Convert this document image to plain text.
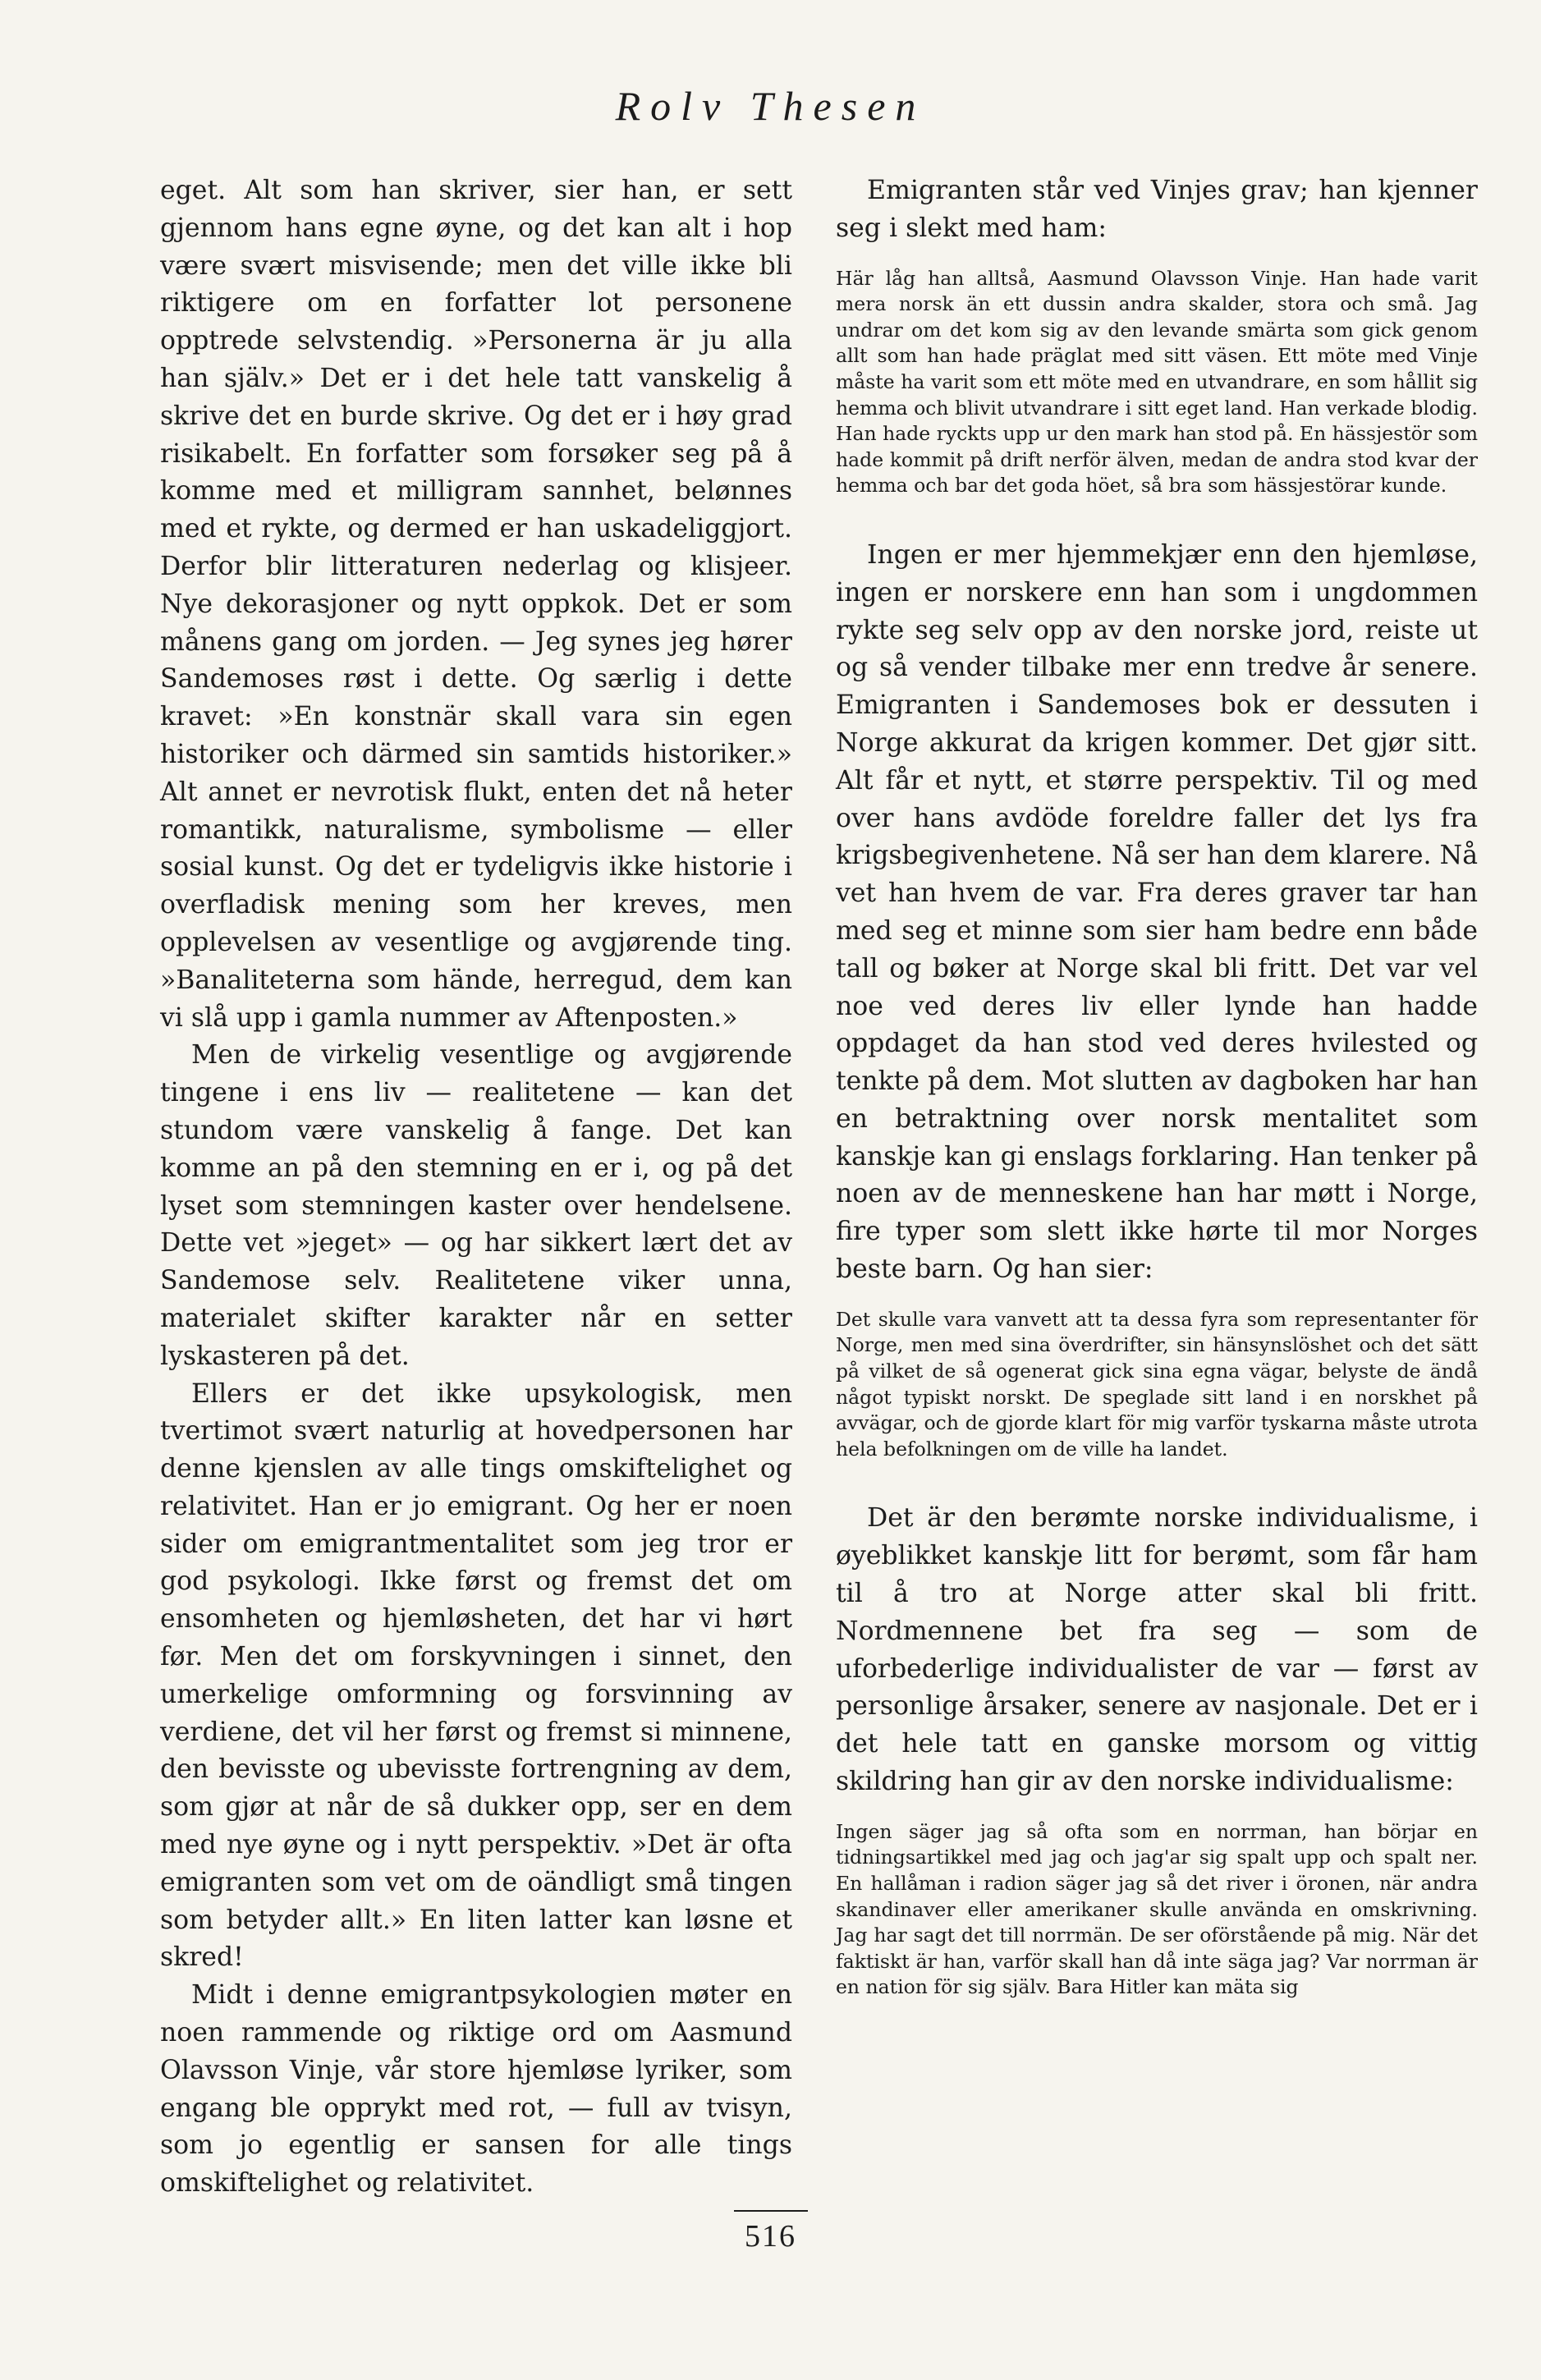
Rolv Thesen

eget. Alt som han skriver, sier han, er sett gjennom hans egne øyne, og det kan alt i hop være svært misvisende; men det ville ikke bli riktigere om en forfatter lot personene opptrede selvstendig. »Personerna är ju alla han själv.» Det er i det hele tatt vanskelig å skrive det en burde skrive. Og det er i høy grad risikabelt. En forfatter som forsøker seg på å komme med et milligram sannhet, belønnes med et rykte, og dermed er han uskadeliggjort. Derfor blir litteraturen nederlag og klisjeer. Nye dekorasjoner og nytt oppkok. Det er som månens gang om jorden. — Jeg synes jeg hører Sandemoses røst i dette. Og særlig i dette kravet: »En konstnär skall vara sin egen historiker och därmed sin samtids historiker.» Alt annet er nevrotisk flukt, enten det nå heter romantikk, naturalisme, symbolisme — eller sosial kunst. Og det er tydeligvis ikke historie i overfladisk mening som her kreves, men opplevelsen av vesentlige og avgjørende ting. »Banaliteterna som hände, herregud, dem kan vi slå upp i gamla nummer av Aftenposten.»

Men de virkelig vesentlige og avgjørende tingene i ens liv — realitetene — kan det stundom være vanskelig å fange. Det kan komme an på den stemning en er i, og på det lyset som stemningen kaster over hendelsene. Dette vet »jeget» — og har sikkert lært det av Sandemose selv. Realitetene viker unna, materialet skifter karakter når en setter lyskasteren på det.

Ellers er det ikke upsykologisk, men tvertimot svært naturlig at hovedpersonen har denne kjenslen av alle tings omskiftelighet og relativitet. Han er jo emigrant. Og her er noen sider om emigrantmentalitet som jeg tror er god psykologi. Ikke først og fremst det om ensomheten og hjemløsheten, det har vi hørt før. Men det om forskyvningen i sinnet, den umerkelige omformning og forsvinning av verdiene, det vil her først og fremst si minnene, den bevisste og ubevisste fortrengning av dem, som gjør at når de så dukker opp, ser en dem med nye øyne og i nytt perspektiv. »Det är ofta emigranten som vet om de oändligt små tingen som betyder allt.» En liten latter kan løsne et skred!

Midt i denne emigrantpsykologien møter en noen rammende og riktige ord om Aasmund Olavsson Vinje, vår store hjemløse lyriker, som engang ble opprykt med rot, — full av tvisyn, som jo egentlig er sansen for alle tings omskiftelighet og relativitet.

Emigranten står ved Vinjes grav; han kjenner seg i slekt med ham:

Här låg han alltså, Aasmund Olavsson Vinje. Han hade varit mera norsk än ett dussin andra skalder, stora och små. Jag undrar om det kom sig av den levande smärta som gick genom allt som han hade präglat med sitt väsen. Ett möte med Vinje måste ha varit som ett möte med en utvandrare, en som hållit sig hemma och blivit utvandrare i sitt eget land. Han verkade blodig. Han hade ryckts upp ur den mark han stod på. En hässjestör som hade kommit på drift nerför älven, medan de andra stod kvar der hemma och bar det goda höet, så bra som hässjestörar kunde.

Ingen er mer hjemmekjær enn den hjemløse, ingen er norskere enn han som i ungdommen rykte seg selv opp av den norske jord, reiste ut og så vender tilbake mer enn tredve år senere. Emigranten i Sandemoses bok er dessuten i Norge akkurat da krigen kommer. Det gjør sitt. Alt får et nytt, et større perspektiv. Til og med over hans avdöde foreldre faller det lys fra krigsbegivenhetene. Nå ser han dem klarere. Nå vet han hvem de var. Fra deres graver tar han med seg et minne som sier ham bedre enn både tall og bøker at Norge skal bli fritt. Det var vel noe ved deres liv eller lynde han hadde oppdaget da han stod ved deres hvilested og tenkte på dem. Mot slutten av dagboken har han en betraktning over norsk mentalitet som kanskje kan gi enslags forklaring. Han tenker på noen av de menneskene han har møtt i Norge, fire typer som slett ikke hørte til mor Norges beste barn. Og han sier:

Det skulle vara vanvett att ta dessa fyra som representanter för Norge, men med sina överdrifter, sin hänsynslöshet och det sätt på vilket de så ogenerat gick sina egna vägar, belyste de ändå något typiskt norskt. De speglade sitt land i en norskhet på avvägar, och de gjorde klart för mig varför tyskarna måste utrota hela befolkningen om de ville ha landet.

Det är den berømte norske individualisme, i øyeblikket kanskje litt for berømt, som får ham til å tro at Norge atter skal bli fritt. Nordmennene bet fra seg — som de uforbederlige individualister de var — først av personlige årsaker, senere av nasjonale. Det er i det hele tatt en ganske morsom og vittig skildring han gir av den norske individualisme:

Ingen säger jag så ofta som en norrman, han börjar en tidningsartikkel med jag och jag'ar sig spalt upp och spalt ner. En hallåman i radion säger jag så det river i öronen, när andra skandinaver eller amerikaner skulle använda en omskrivning. Jag har sagt det till norrmän. De ser oförstående på mig. När det faktiskt är han, varför skall han då inte säga jag? Var norrman är en nation för sig själv. Bara Hitler kan mäta sig

516
